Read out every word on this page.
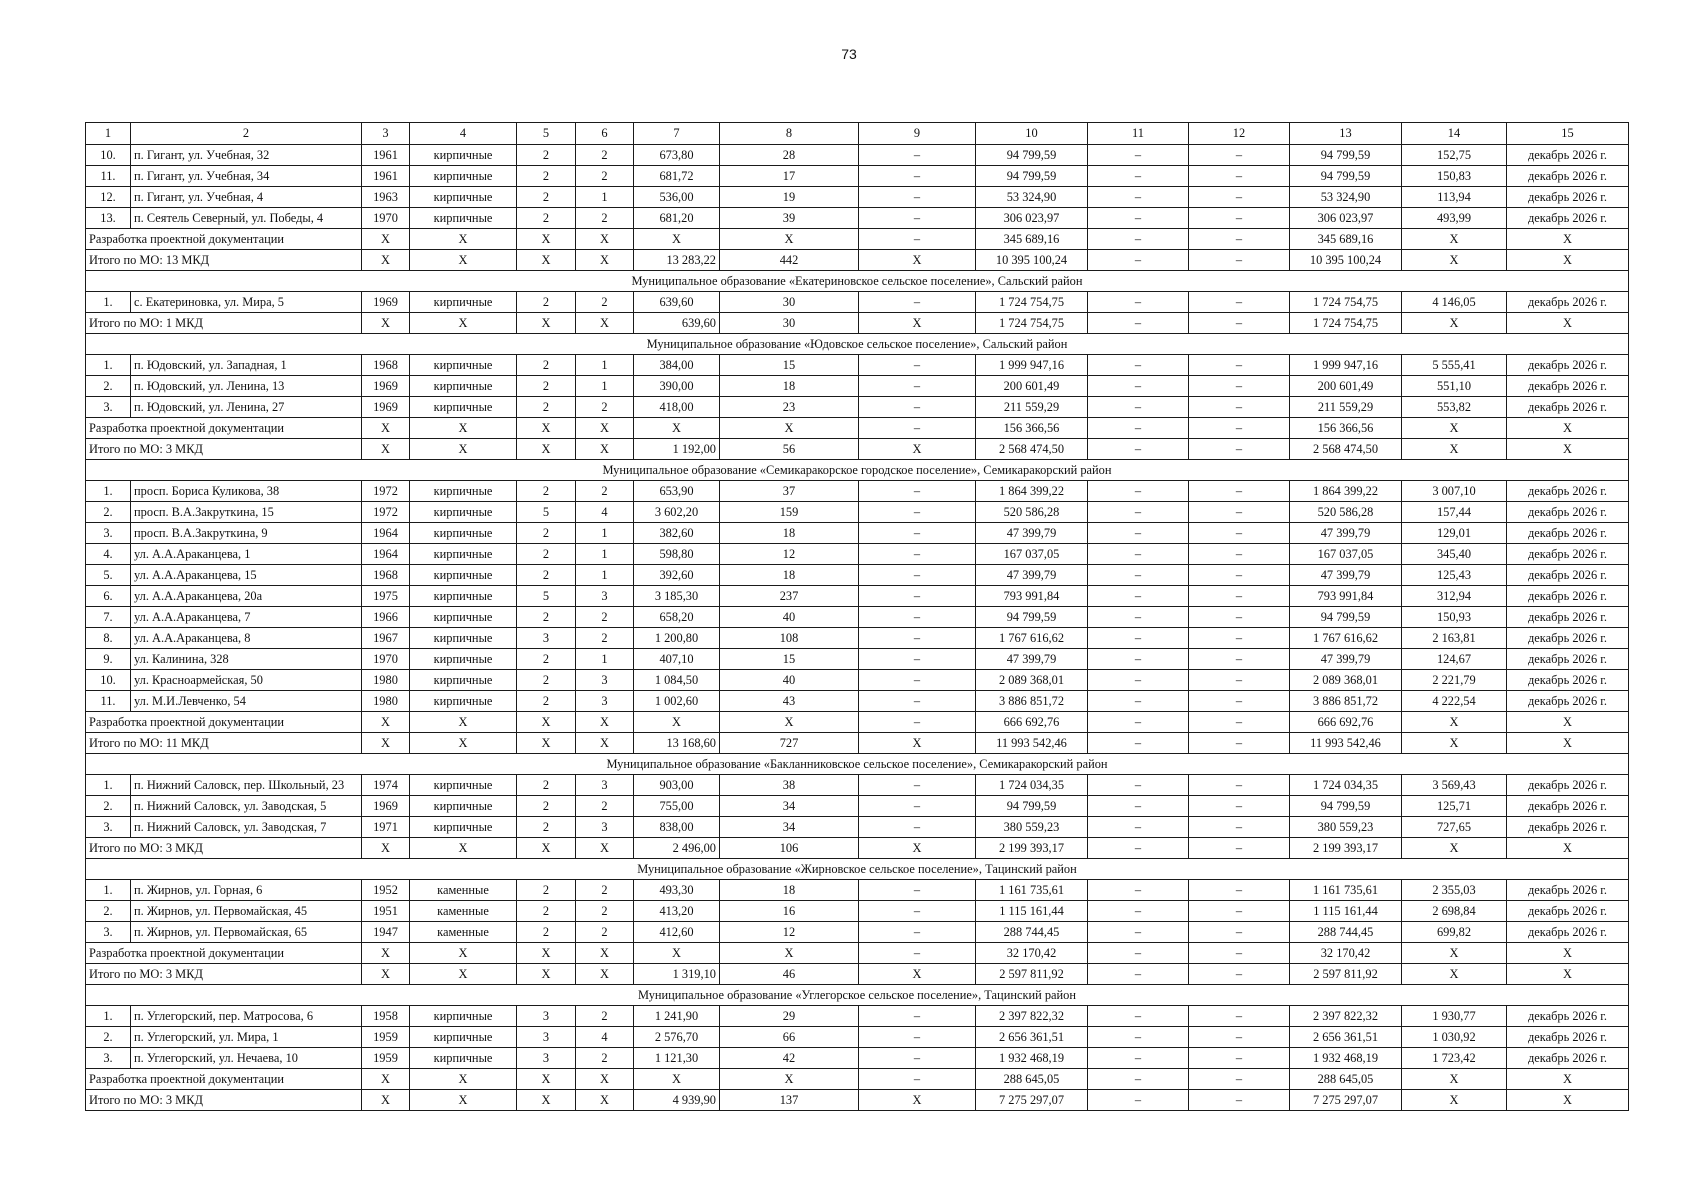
73
1	2	3	4	5	6	7	8	9	10	11	12	13	14	15
10.	п. Гигант, ул. Учебная, 32	1961	кирпичные	2	2	673,80	28	–	94 799,59	–	–	94 799,59	152,75	декабрь 2026 г.
11.	п. Гигант, ул. Учебная, 34	1961	кирпичные	2	2	681,72	17	–	94 799,59	–	–	94 799,59	150,83	декабрь 2026 г.
12.	п. Гигант, ул. Учебная, 4	1963	кирпичные	2	1	536,00	19	–	53 324,90	–	–	53 324,90	113,94	декабрь 2026 г.
13.	п. Сеятель Северный, ул. Победы, 4	1970	кирпичные	2	2	681,20	39	–	306 023,97	–	–	306 023,97	493,99	декабрь 2026 г.
Разработка проектной документации		X	X	X	X	X	X	–	345 689,16	–	–	345 689,16	X	X
Итого по МО: 13 МКД		X	X	X	X	13 283,22	442	X	10 395 100,24	–	–	10 395 100,24	X	X
Муниципальное образование «Екатериновское сельское поселение», Сальский район														
1.	с. Екатериновка, ул. Мира, 5	1969	кирпичные	2	2	639,60	30	–	1 724 754,75	–	–	1 724 754,75	4 146,05	декабрь 2026 г.
Итого по МО: 1 МКД		X	X	X	X	639,60	30	X	1 724 754,75	–	–	1 724 754,75	X	X
Муниципальное образование «Юдовское сельское поселение», Сальский район														
1.	п. Юдовский, ул. Западная, 1	1968	кирпичные	2	1	384,00	15	–	1 999 947,16	–	–	1 999 947,16	5 555,41	декабрь 2026 г.
2.	п. Юдовский, ул. Ленина, 13	1969	кирпичные	2	1	390,00	18	–	200 601,49	–	–	200 601,49	551,10	декабрь 2026 г.
3.	п. Юдовский, ул. Ленина, 27	1969	кирпичные	2	2	418,00	23	–	211 559,29	–	–	211 559,29	553,82	декабрь 2026 г.
Разработка проектной документации		X	X	X	X	X	X	–	156 366,56	–	–	156 366,56	X	X
Итого по МО: 3 МКД		X	X	X	X	1 192,00	56	X	2 568 474,50	–	–	2 568 474,50	X	X
Муниципальное образование «Семикаракорское городское поселение», Семикаракорский район														
1.	просп. Бориса Куликова, 38	1972	кирпичные	2	2	653,90	37	–	1 864 399,22	–	–	1 864 399,22	3 007,10	декабрь 2026 г.
2.	просп. В.А.Закруткина, 15	1972	кирпичные	5	4	3 602,20	159	–	520 586,28	–	–	520 586,28	157,44	декабрь 2026 г.
3.	просп. В.А.Закруткина, 9	1964	кирпичные	2	1	382,60	18	–	47 399,79	–	–	47 399,79	129,01	декабрь 2026 г.
4.	ул. А.А.Араканцева, 1	1964	кирпичные	2	1	598,80	12	–	167 037,05	–	–	167 037,05	345,40	декабрь 2026 г.
5.	ул. А.А.Араканцева, 15	1968	кирпичные	2	1	392,60	18	–	47 399,79	–	–	47 399,79	125,43	декабрь 2026 г.
6.	ул. А.А.Араканцева, 20а	1975	кирпичные	5	3	3 185,30	237	–	793 991,84	–	–	793 991,84	312,94	декабрь 2026 г.
7.	ул. А.А.Араканцева, 7	1966	кирпичные	2	2	658,20	40	–	94 799,59	–	–	94 799,59	150,93	декабрь 2026 г.
8.	ул. А.А.Араканцева, 8	1967	кирпичные	3	2	1 200,80	108	–	1 767 616,62	–	–	1 767 616,62	2 163,81	декабрь 2026 г.
9.	ул. Калинина, 328	1970	кирпичные	2	1	407,10	15	–	47 399,79	–	–	47 399,79	124,67	декабрь 2026 г.
10.	ул. Красноармейская, 50	1980	кирпичные	2	3	1 084,50	40	–	2 089 368,01	–	–	2 089 368,01	2 221,79	декабрь 2026 г.
11.	ул. М.И.Левченко, 54	1980	кирпичные	2	3	1 002,60	43	–	3 886 851,72	–	–	3 886 851,72	4 222,54	декабрь 2026 г.
Разработка проектной документации		X	X	X	X	X	X	–	666 692,76	–	–	666 692,76	X	X
Итого по МО: 11 МКД		X	X	X	X	13 168,60	727	X	11 993 542,46	–	–	11 993 542,46	X	X
Муниципальное образование «Бакланниковское сельское поселение», Семикаракорский район														
1.	п. Нижний Саловск, пер. Школьный, 23	1974	кирпичные	2	3	903,00	38	–	1 724 034,35	–	–	1 724 034,35	3 569,43	декабрь 2026 г.
2.	п. Нижний Саловск, ул. Заводская, 5	1969	кирпичные	2	2	755,00	34	–	94 799,59	–	–	94 799,59	125,71	декабрь 2026 г.
3.	п. Нижний Саловск, ул. Заводская, 7	1971	кирпичные	2	3	838,00	34	–	380 559,23	–	–	380 559,23	727,65	декабрь 2026 г.
Итого по МО: 3 МКД		X	X	X	X	2 496,00	106	X	2 199 393,17	–	–	2 199 393,17	X	X
Муниципальное образование «Жирновское сельское поселение», Тацинский район														
1.	п. Жирнов, ул. Горная, 6	1952	каменные	2	2	493,30	18	–	1 161 735,61	–	–	1 161 735,61	2 355,03	декабрь 2026 г.
2.	п. Жирнов, ул. Первомайская, 45	1951	каменные	2	2	413,20	16	–	1 115 161,44	–	–	1 115 161,44	2 698,84	декабрь 2026 г.
3.	п. Жирнов, ул. Первомайская, 65	1947	каменные	2	2	412,60	12	–	288 744,45	–	–	288 744,45	699,82	декабрь 2026 г.
Разработка проектной документации		X	X	X	X	X	X	–	32 170,42	–	–	32 170,42	X	X
Итого по МО: 3 МКД		X	X	X	X	1 319,10	46	X	2 597 811,92	–	–	2 597 811,92	X	X
Муниципальное образование «Углегорское сельское поселение», Тацинский район														
1.	п. Углегорский, пер. Матросова, 6	1958	кирпичные	3	2	1 241,90	29	–	2 397 822,32	–	–	2 397 822,32	1 930,77	декабрь 2026 г.
2.	п. Углегорский, ул. Мира, 1	1959	кирпичные	3	4	2 576,70	66	–	2 656 361,51	–	–	2 656 361,51	1 030,92	декабрь 2026 г.
3.	п. Углегорский, ул. Нечаева, 10	1959	кирпичные	3	2	1 121,30	42	–	1 932 468,19	–	–	1 932 468,19	1 723,42	декабрь 2026 г.
Разработка проектной документации		X	X	X	X	X	X	–	288 645,05	–	–	288 645,05	X	X
Итого по МО: 3 МКД		X	X	X	X	4 939,90	137	X	7 275 297,07	–	–	7 275 297,07	X	X
